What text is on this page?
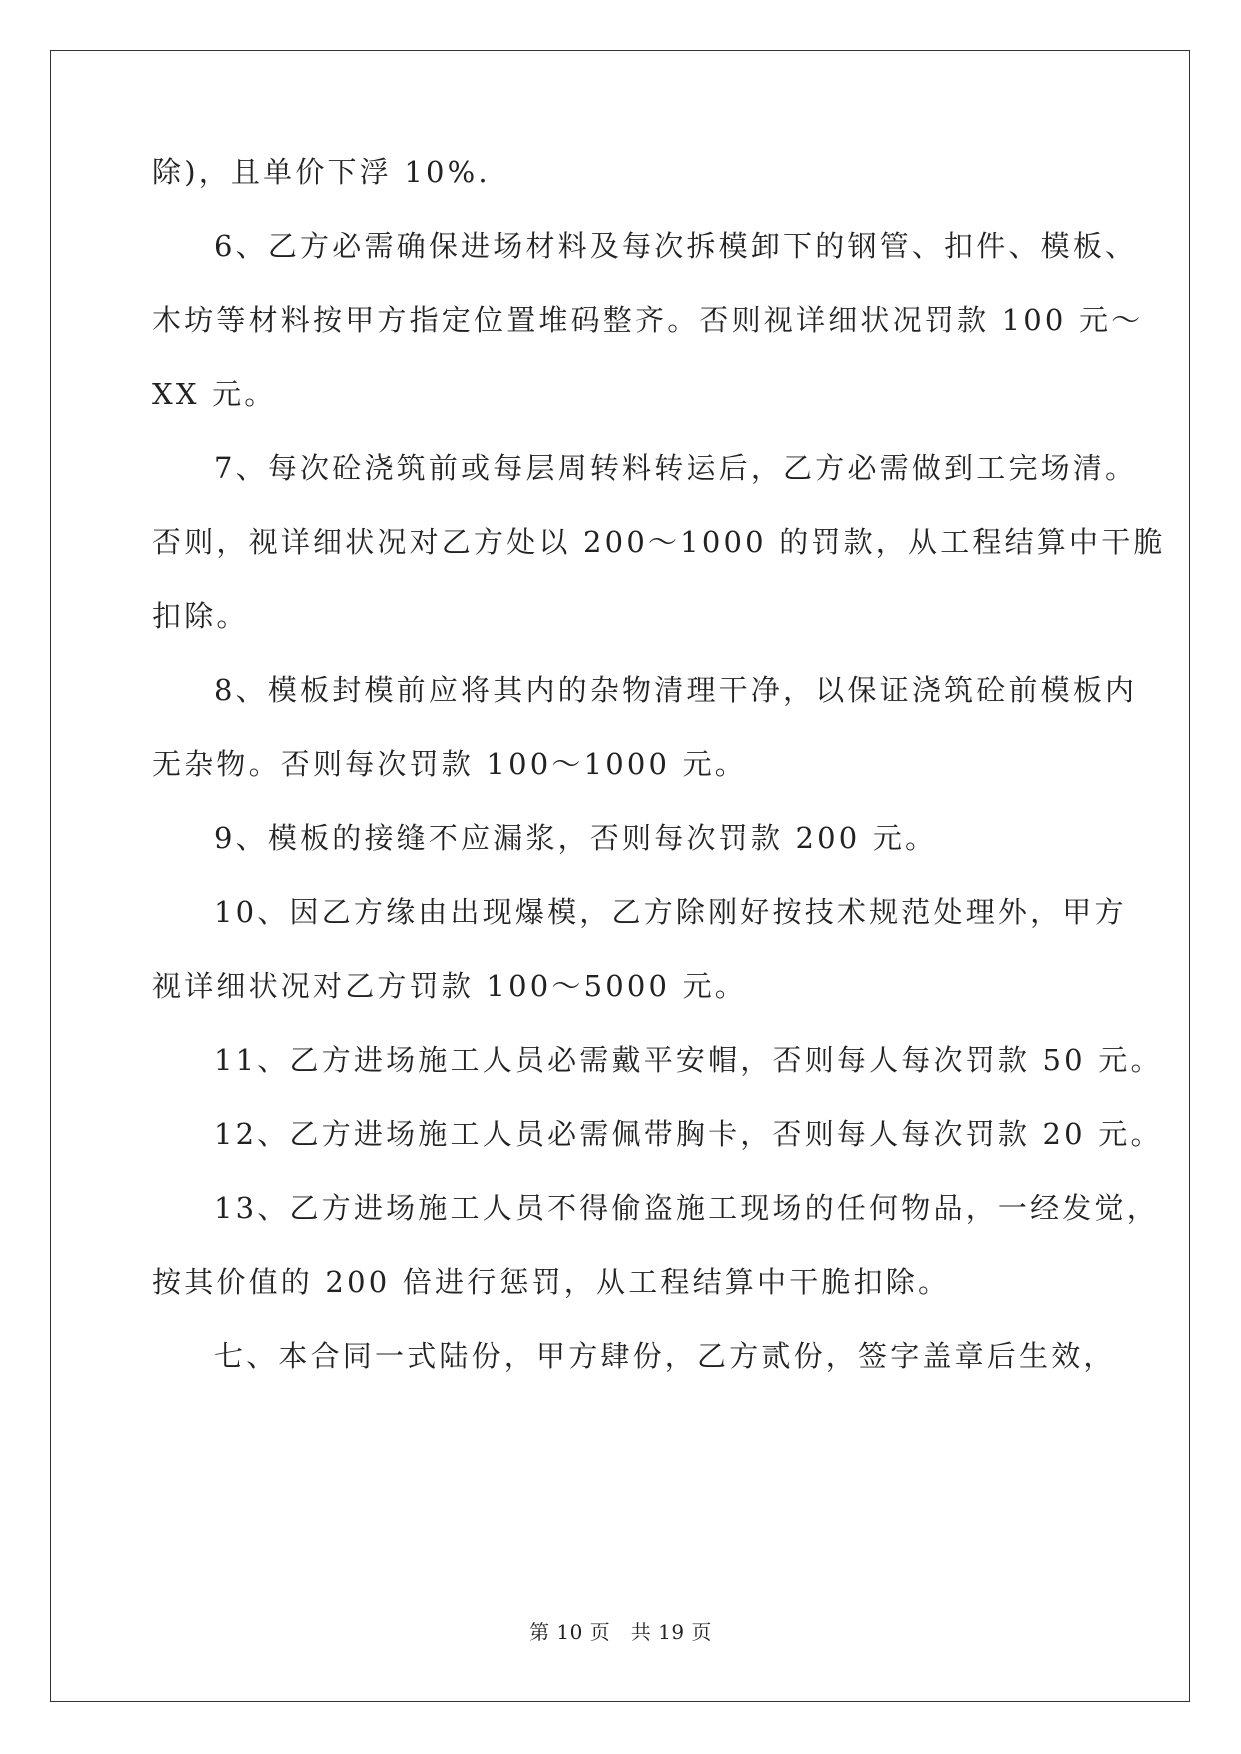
除)，且单价下浮 10%.
6、乙方必需确保进场材料及每次拆模卸下的钢管、扣件、模板、
木坊等材料按甲方指定位置堆码整齐。否则视详细状况罚款 100 元～
XX 元。
7、每次砼浇筑前或每层周转料转运后，乙方必需做到工完场清。
否则，视详细状况对乙方处以 200～1000 的罚款，从工程结算中干脆
扣除。
8、模板封模前应将其内的杂物清理干净，以保证浇筑砼前模板内
无杂物。否则每次罚款 100～1000 元。
9、模板的接缝不应漏浆，否则每次罚款 200 元。
10、因乙方缘由出现爆模，乙方除刚好按技术规范处理外，甲方
视详细状况对乙方罚款 100～5000 元。
11、乙方进场施工人员必需戴平安帽，否则每人每次罚款 50 元。
12、乙方进场施工人员必需佩带胸卡，否则每人每次罚款 20 元。
13、乙方进场施工人员不得偷盗施工现场的任何物品，一经发觉，
按其价值的 200 倍进行惩罚，从工程结算中干脆扣除。
七、本合同一式陆份，甲方肆份，乙方贰份，签字盖章后生效，
第 10 页　共 19 页
